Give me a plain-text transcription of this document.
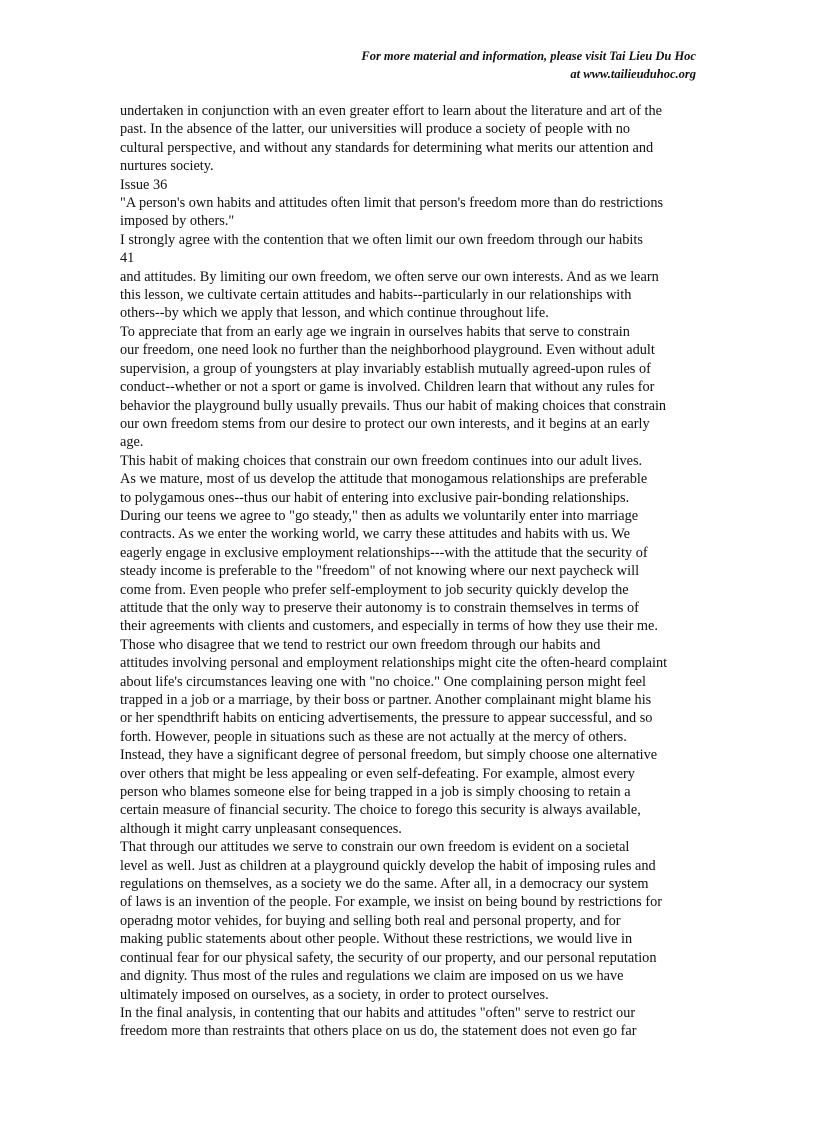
For more material and information, please visit Tai Lieu Du Hoc
at www.tailieuduhoc.org
undertaken in conjunction with an even greater effort to learn about the literature and art of the
past. In the absence of the latter, our universities will produce a society of people with no
cultural perspective, and without any standards for determining what merits our attention and
nurtures society.
Issue 36
"A person's own habits and attitudes often limit that person's freedom more than do restrictions
imposed by others."
I strongly agree with the contention that we often limit our own freedom through our habits
41
and attitudes. By limiting our own freedom, we often serve our own interests. And as we learn
this lesson, we cultivate certain attitudes and habits--particularly in our relationships with
others--by which we apply that lesson, and which continue throughout life.
To appreciate that from an early age we ingrain in ourselves habits that serve to constrain
our freedom, one need look no further than the neighborhood playground. Even without adult
supervision, a group of youngsters at play invariably establish mutually agreed-upon rules of
conduct--whether or not a sport or game is involved. Children learn that without any rules for
behavior the playground bully usually prevails. Thus our habit of making choices that constrain
our own freedom stems from our desire to protect our own interests, and it begins at an early
age.
This habit of making choices that constrain our own freedom continues into our adult lives.
As we mature, most of us develop the attitude that monogamous relationships are preferable
to polygamous ones--thus our habit of entering into exclusive pair-bonding relationships.
During our teens we agree to "go steady," then as adults we voluntarily enter into marriage
contracts. As we enter the working world, we carry these attitudes and habits with us. We
eagerly engage in exclusive employment relationships---with the attitude that the security of
steady income is preferable to the "freedom" of not knowing where our next paycheck will
come from. Even people who prefer self-employment to job security quickly develop the
attitude that the only way to preserve their autonomy is to constrain themselves in terms of
their agreements with clients and customers, and especially in terms of how they use their me.
Those who disagree that we tend to restrict our own freedom through our habits and
attitudes involving personal and employment relationships might cite the often-heard complaint
about life's circumstances leaving one with "no choice." One complaining person might feel
trapped in a job or a marriage, by their boss or partner. Another complainant might blame his
or her spendthrift habits on enticing advertisements, the pressure to appear successful, and so
forth. However, people in situations such as these are not actually at the mercy of others.
Instead, they have a significant degree of personal freedom, but simply choose one alternative
over others that might be less appealing or even self-defeating. For example, almost every
person who blames someone else for being trapped in a job is simply choosing to retain a
certain measure of financial security. The choice to forego this security is always available,
although it might carry unpleasant consequences.
That through our attitudes we serve to constrain our own freedom is evident on a societal
level as well. Just as children at a playground quickly develop the habit of imposing rules and
regulations on themselves, as a society we do the same. After all, in a democracy our system
of laws is an invention of the people. For example, we insist on being bound by restrictions for
operadng motor vehides, for buying and selling both real and personal property, and for
making public statements about other people. Without these restrictions, we would live in
continual fear for our physical safety, the security of our property, and our personal reputation
and dignity. Thus most of the rules and regulations we claim are imposed on us we have
ultimately imposed on ourselves, as a society, in order to protect ourselves.
In the final analysis, in contenting that our habits and attitudes "often" serve to restrict our
freedom more than restraints that others place on us do, the statement does not even go far
